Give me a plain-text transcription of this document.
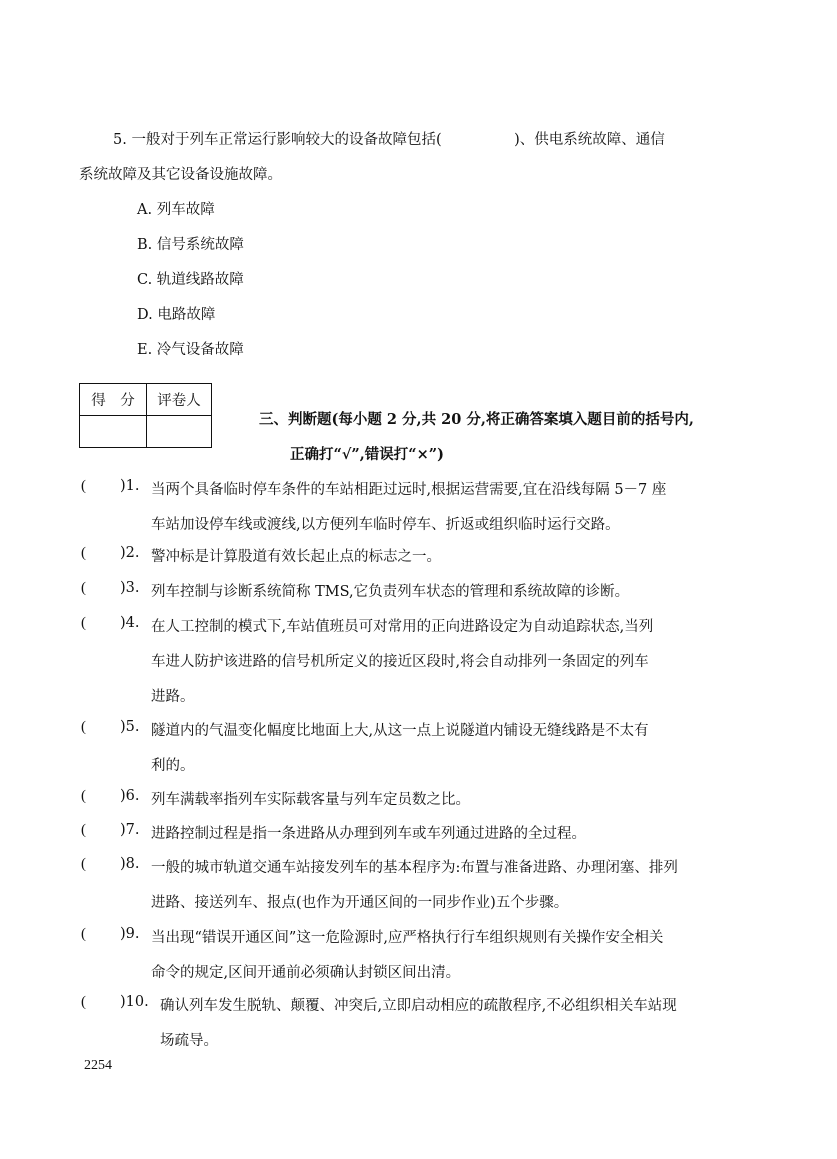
5. 一般对于列车正常运行影响较大的设备故障包括(　　　　　)、供电系统故障、通信
系统故障及其它设备设施故障。
A. 列车故障
B. 信号系统故障
C. 轨道线路故障
D. 电路故障
E. 冷气设备故障
得　分	评卷人

三、判断题(每小题 2 分,共 20 分,将正确答案填入题目前的括号内,
正确打“√”,错误打“×”)
( )1. 当两个具备临时停车条件的车站相距过远时,根据运营需要,宜在沿线每隔 5－7 座
车站加设停车线或渡线,以方便列车临时停车、折返或组织临时运行交路。
( )2. 警冲标是计算股道有效长起止点的标志之一。
( )3. 列车控制与诊断系统简称 TMS,它负责列车状态的管理和系统故障的诊断。
( )4. 在人工控制的模式下,车站值班员可对常用的正向进路设定为自动追踪状态,当列
车进人防护该进路的信号机所定义的接近区段时,将会自动排列一条固定的列车
进路。
( )5. 隧道内的气温变化幅度比地面上大,从这一点上说隧道内铺设无缝线路是不太有
利的。
( )6. 列车满载率指列车实际载客量与列车定员数之比。
( )7. 进路控制过程是指一条进路从办理到列车或车列通过进路的全过程。
( )8. 一般的城市轨道交通车站接发列车的基本程序为:布置与准备进路、办理闭塞、排列
进路、接送列车、报点(也作为开通区间的一同步作业)五个步骤。
( )9. 当出现“错误开通区间”这一危险源时,应严格执行行车组织规则有关操作安全相关
命令的规定,区间开通前必须确认封锁区间出清。
( )10. 确认列车发生脱轨、颠覆、冲突后,立即启动相应的疏散程序,不必组织相关车站现
场疏导。
2254
